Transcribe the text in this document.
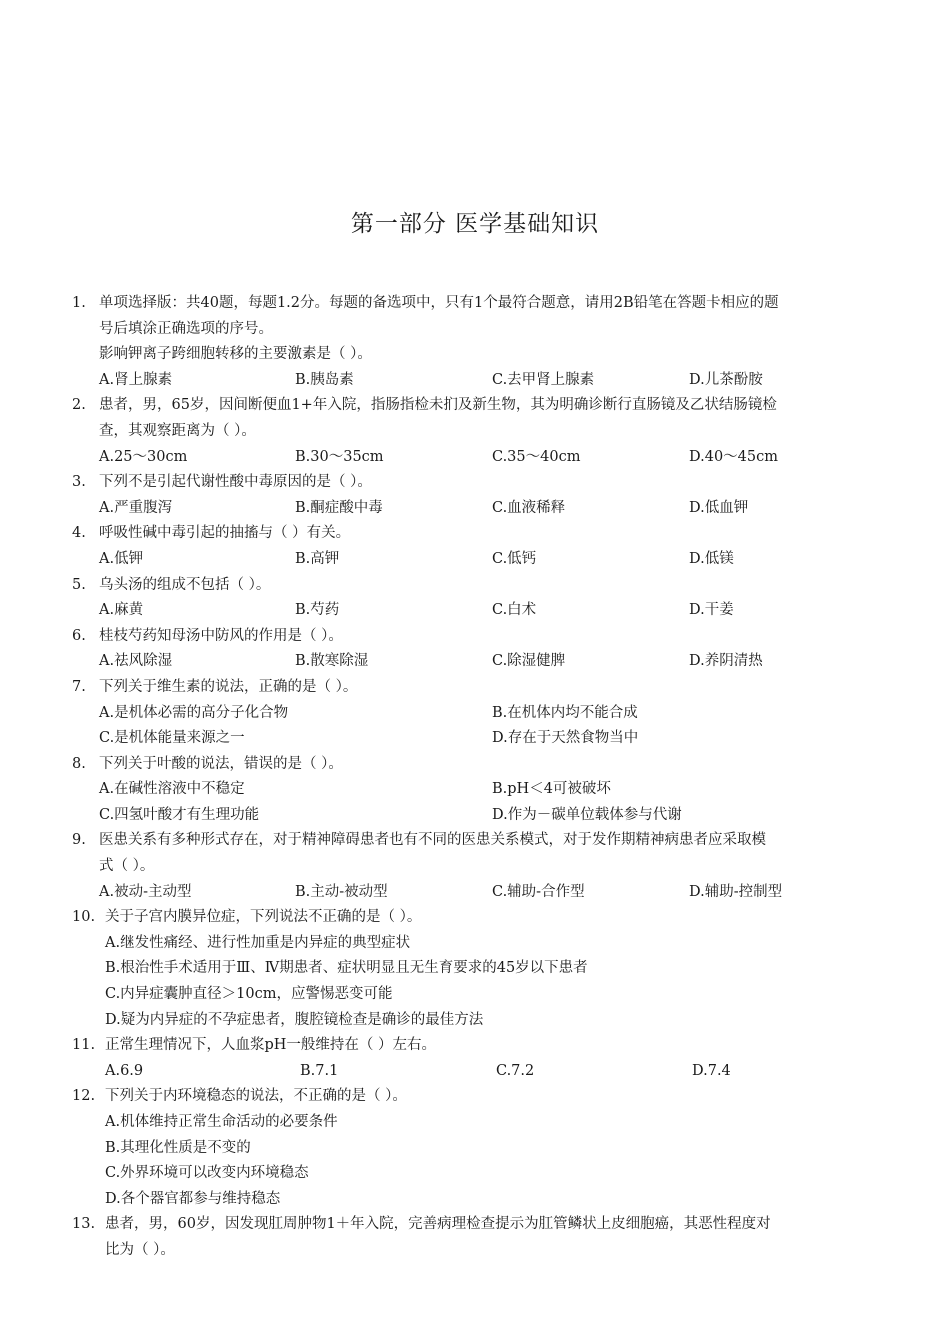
第一部分 医学基础知识
1. 单项选择版：共40题，每题1.2分。每题的备选项中，只有1个最符合题意，请用2B铅笔在答题卡相应的题
号后填涂正确选项的序号。
影响钾离子跨细胞转移的主要激素是（ ）。
A.肾上腺素	B.胰岛素	C.去甲肾上腺素	D.儿茶酚胺
2. 患者，男，65岁，因间断便血1+年入院，指肠指检未扪及新生物，其为明确诊断行直肠镜及乙状结肠镜检
查，其观察距离为（ ）。
A.25～30cm	B.30～35cm	C.35～40cm	D.40～45cm
3. 下列不是引起代谢性酸中毒原因的是（ ）。
A.严重腹泻	B.酮症酸中毒	C.血液稀释	D.低血钾
4. 呼吸性碱中毒引起的抽搐与（ ）有关。
A.低钾	B.高钾	C.低钙	D.低镁
5. 乌头汤的组成不包括（ ）。
A.麻黄	B.芍药	C.白术	D.干姜
6. 桂枝芍药知母汤中防风的作用是（ ）。
A.祛风除湿	B.散寒除湿	C.除湿健脾	D.养阴清热
7. 下列关于维生素的说法，正确的是（ ）。
A.是机体必需的高分子化合物	B.在机体内均不能合成
C.是机体能量来源之一	D.存在于天然食物当中
8. 下列关于叶酸的说法，错误的是（ ）。
A.在碱性溶液中不稳定	B.pH＜4可被破坏
C.四氢叶酸才有生理功能	D.作为－碳单位载体参与代谢
9. 医患关系有多种形式存在，对于精神障碍患者也有不同的医患关系模式，对于发作期精神病患者应采取模
式（ ）。
A.被动-主动型	B.主动-被动型	C.辅助-合作型	D.辅助-控制型
10. 关于子宫内膜异位症，下列说法不正确的是（ ）。
A.继发性痛经、进行性加重是内异症的典型症状
B.根治性手术适用于Ⅲ、Ⅳ期患者、症状明显且无生育要求的45岁以下患者
C.内异症囊肿直径＞10cm，应警惕恶变可能
D.疑为内异症的不孕症患者，腹腔镜检查是确诊的最佳方法
11. 正常生理情况下，人血浆pH一般维持在（ ）左右。
A.6.9	B.7.1	C.7.2	D.7.4
12. 下列关于内环境稳态的说法，不正确的是（ ）。
A.机体维持正常生命活动的必要条件
B.其理化性质是不变的
C.外界环境可以改变内环境稳态
D.各个器官都参与维持稳态
13. 患者，男，60岁，因发现肛周肿物1＋年入院，完善病理检查提示为肛管鳞状上皮细胞癌，其恶性程度对
比为（ ）。
